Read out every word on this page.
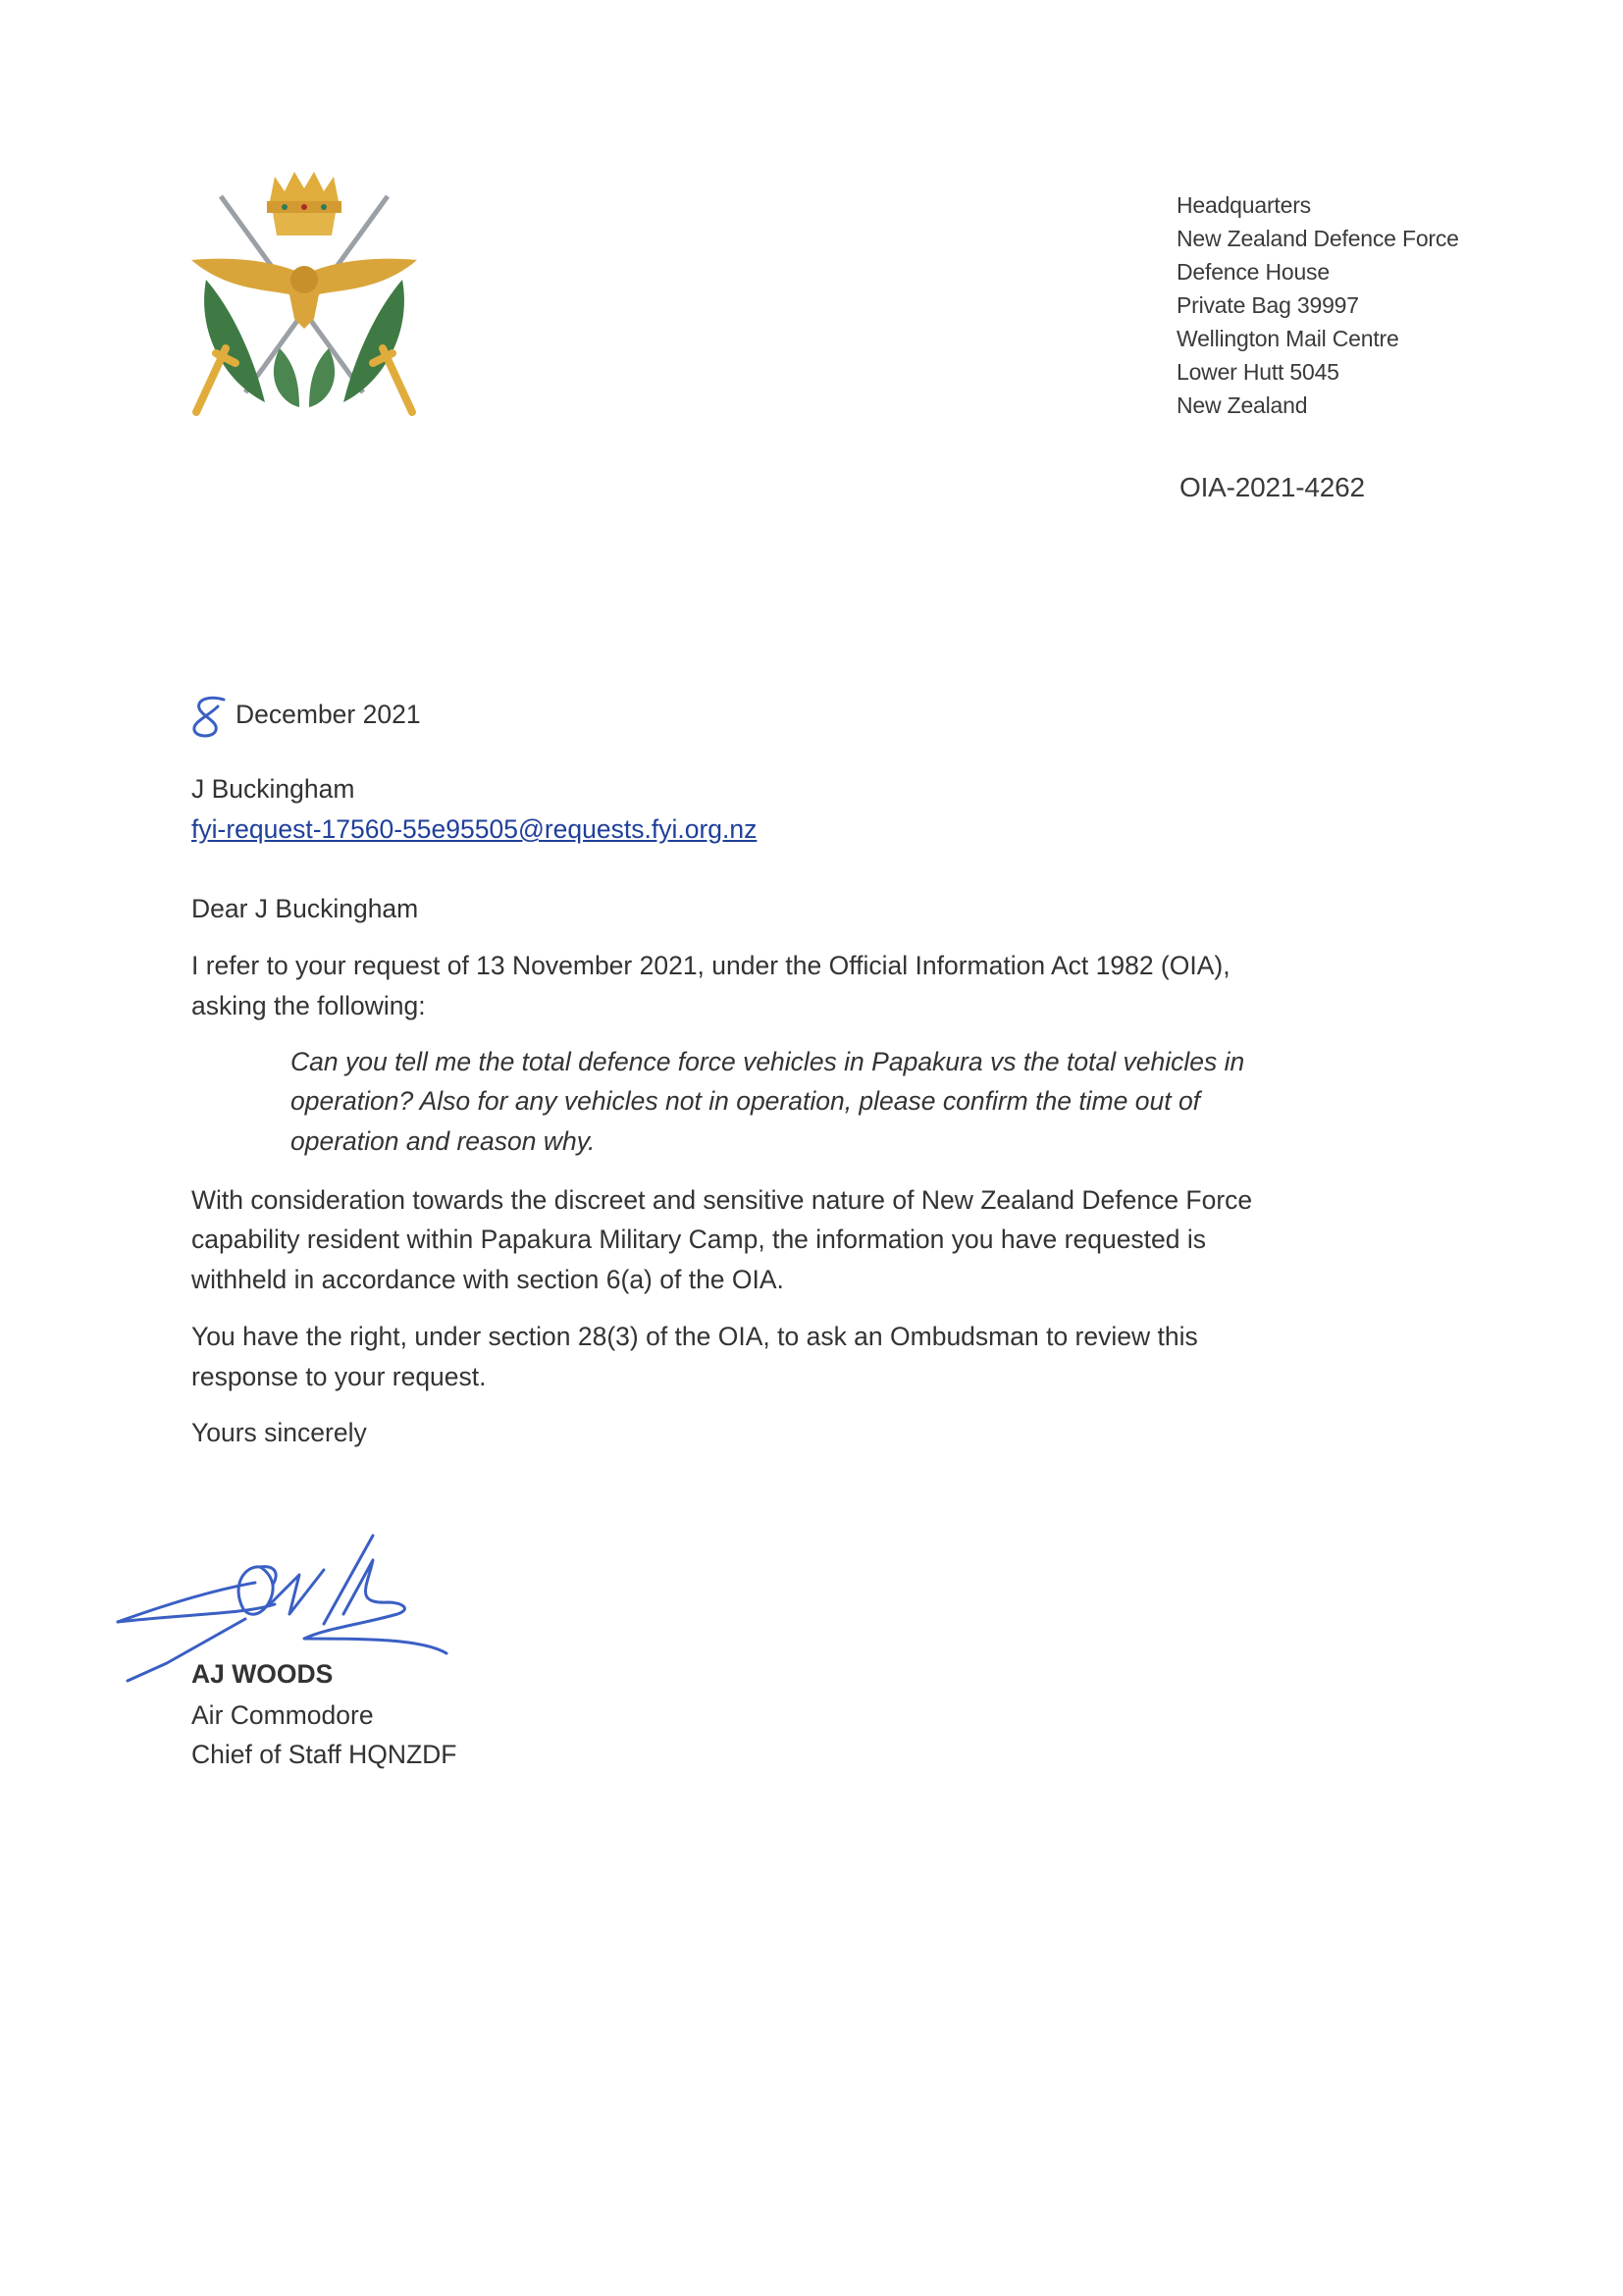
Headquarters
New Zealand Defence Force
Defence House
Private Bag 39997
Wellington Mail Centre
Lower Hutt 5045
New Zealand
OIA-2021-4262
December 2021
J Buckingham
fyi-request-17560-55e95505@requests.fyi.org.nz
Dear J Buckingham
I refer to your request of 13 November 2021, under the Official Information Act 1982 (OIA),
asking the following:
Can you tell me the total defence force vehicles in Papakura vs the total vehicles in
operation? Also for any vehicles not in operation, please confirm the time out of
operation and reason why.
With consideration towards the discreet and sensitive nature of New Zealand Defence Force
capability resident within Papakura Military Camp, the information you have requested is
withheld in accordance with section 6(a) of the OIA.
You have the right, under section 28(3) of the OIA, to ask an Ombudsman to review this
response to your request.
Yours sincerely
AJ WOODS
Air Commodore
Chief of Staff HQNZDF
